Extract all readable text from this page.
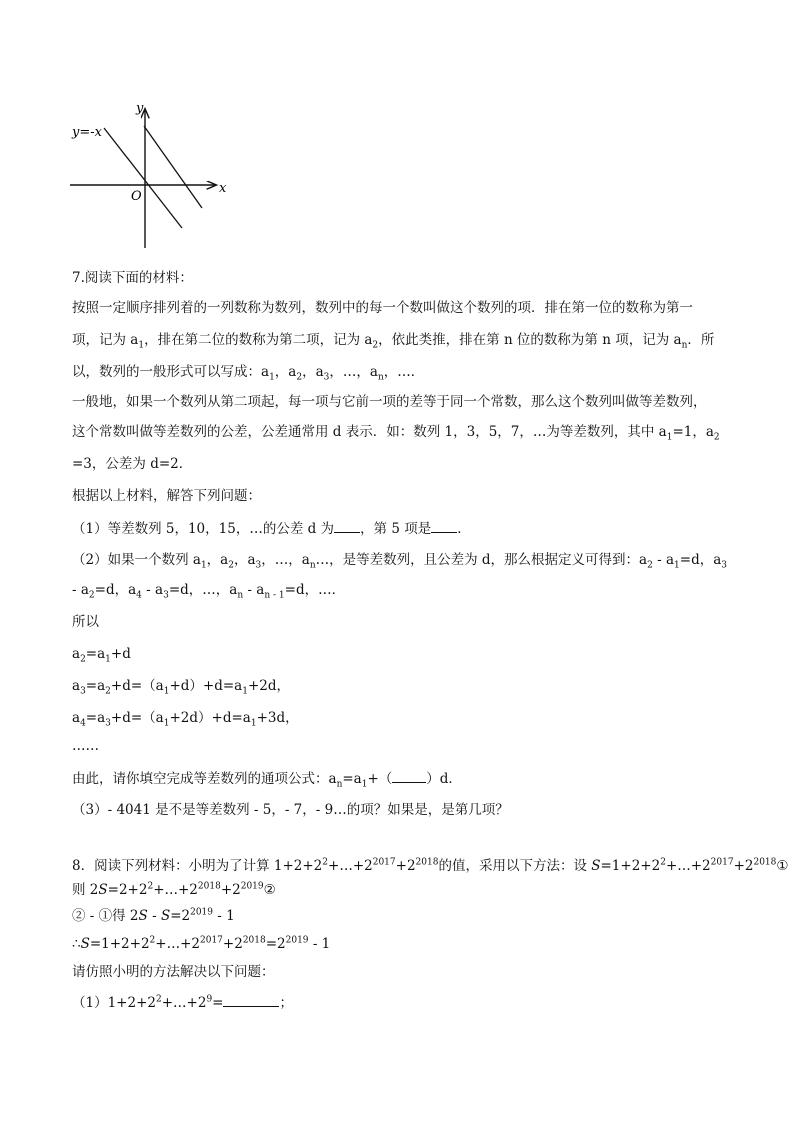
y=-x
y
x
O
7.阅读下面的材料：
按照一定顺序排列着的一列数称为数列，数列中的每一个数叫做这个数列的项．排在第一位的数称为第一
项，记为 $a_1$，排在第二位的数称为第二项，记为 $a_2$，依此类推，排在第 n 位的数称为第 n 项，记为 $a_n$．所
以，数列的一般形式可以写成：$a_1$，$a_2$，$a_3$，…，$a_n$，…．
一般地，如果一个数列从第二项起，每一项与它前一项的差等于同一个常数，那么这个数列叫做等差数列，
这个常数叫做等差数列的公差，公差通常用 d 表示．如：数列 1，3，5，7，…为等差数列，其中 $a_1=1$，$a_2$
=3，公差为 d=2．
根据以上材料，解答下列问题：
（1）等差数列 5，10，15，…的公差 d 为 ，第 5 项是 ．
（2）如果一个数列 $a_1$，$a_2$，$a_3$，…，$a_n\dots$，是等差数列，且公差为 d，那么根据定义可得到：$a_2 - a_1=d$，$a_3$
- $a_2=d$，$a_4 - a_3=d$，…，$a_n - a_{n - 1}=d$，…．
所以
$a_2=a_1+d$
$a_3=a_2+d=(a_1+d)+d=a_1+2d$，
$a_4=a_3+d=(a_1+2d)+d=a_1+3d$，
……
由此，请你填空完成等差数列的通项公式：$a_n=a_1+$（	）d．
（3）- 4041 是不是等差数列 - 5，- 7，- 9…的项？如果是，是第几项？
8．阅读下列材料：小明为了计算 $1+2+2^2+\dots+2^{2017}+2^{2018}$的值，采用以下方法：设 $S=1+2+2^2+\dots+2^{2017}+2^{2018}①$
则 $2S=2+2^2+\dots+2^{2018}+2^{2019}②$
② - ①得 $2S - S=2^{2019} - 1$
$\therefore S=1+2+2^2+\dots+2^{2017}+2^{2018}=2^{2019} - 1$
请仿照小明的方法解决以下问题：
$(1)1+2+2^2+\dots+2^9=$	；
